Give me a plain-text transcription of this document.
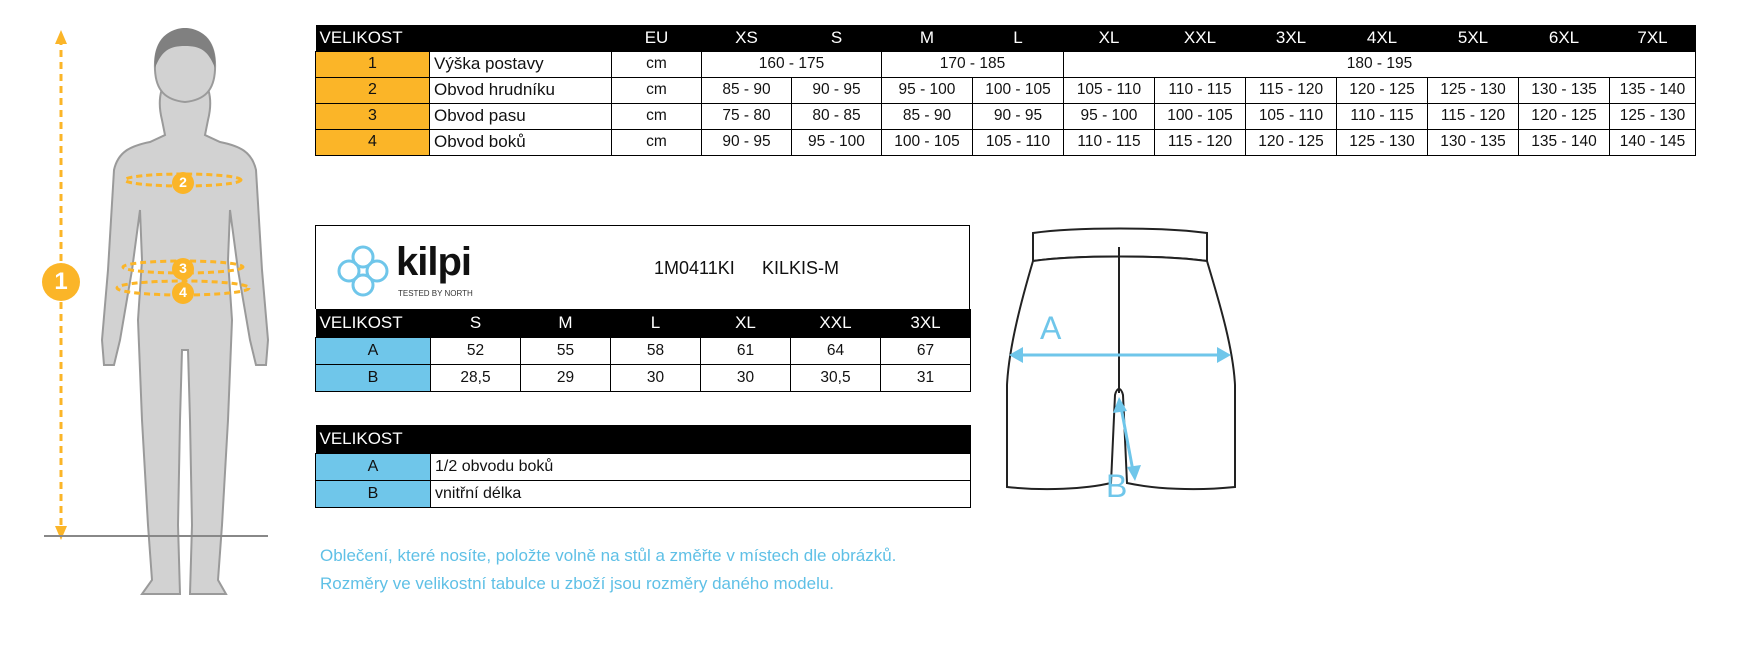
1
2
3
4
VELIKOST		EU	XS	S	M	L	XL	XXL	3XL	4XL	5XL	6XL	7XL
1	Výška postavy	cm	160 - 175		170 - 185		180 - 195						
2	Obvod hrudníku	cm	85 - 90	90 - 95	95 - 100	100 - 105	105 - 110	110 - 115	115 - 120	120 - 125	125 - 130	130 - 135	135 - 140
3	Obvod pasu	cm	75 - 80	80 - 85	85 - 90	90 - 95	95 - 100	100 - 105	105 - 110	110 - 115	115 - 120	120 - 125	125 - 130
4	Obvod boků	cm	90 - 95	95 - 100	100 - 105	105 - 110	110 - 115	115 - 120	120 - 125	125 - 130	130 - 135	135 - 140	140 - 145
kilpi
TESTED BY NORTH
1M0411KI KILKIS-M
VELIKOST	S	M	L	XL	XXL	3XL
A	52	55	58	61	64	67
B	28,5	29	30	30	30,5	31
VELIKOST	
A	1/2 obvodu boků
B	vnitřní délka
A
B
Oblečení, které nosíte, položte volně na stůl a změřte v místech dle obrázků.
Rozměry ve velikostní tabulce u zboží jsou rozměry daného modelu.
